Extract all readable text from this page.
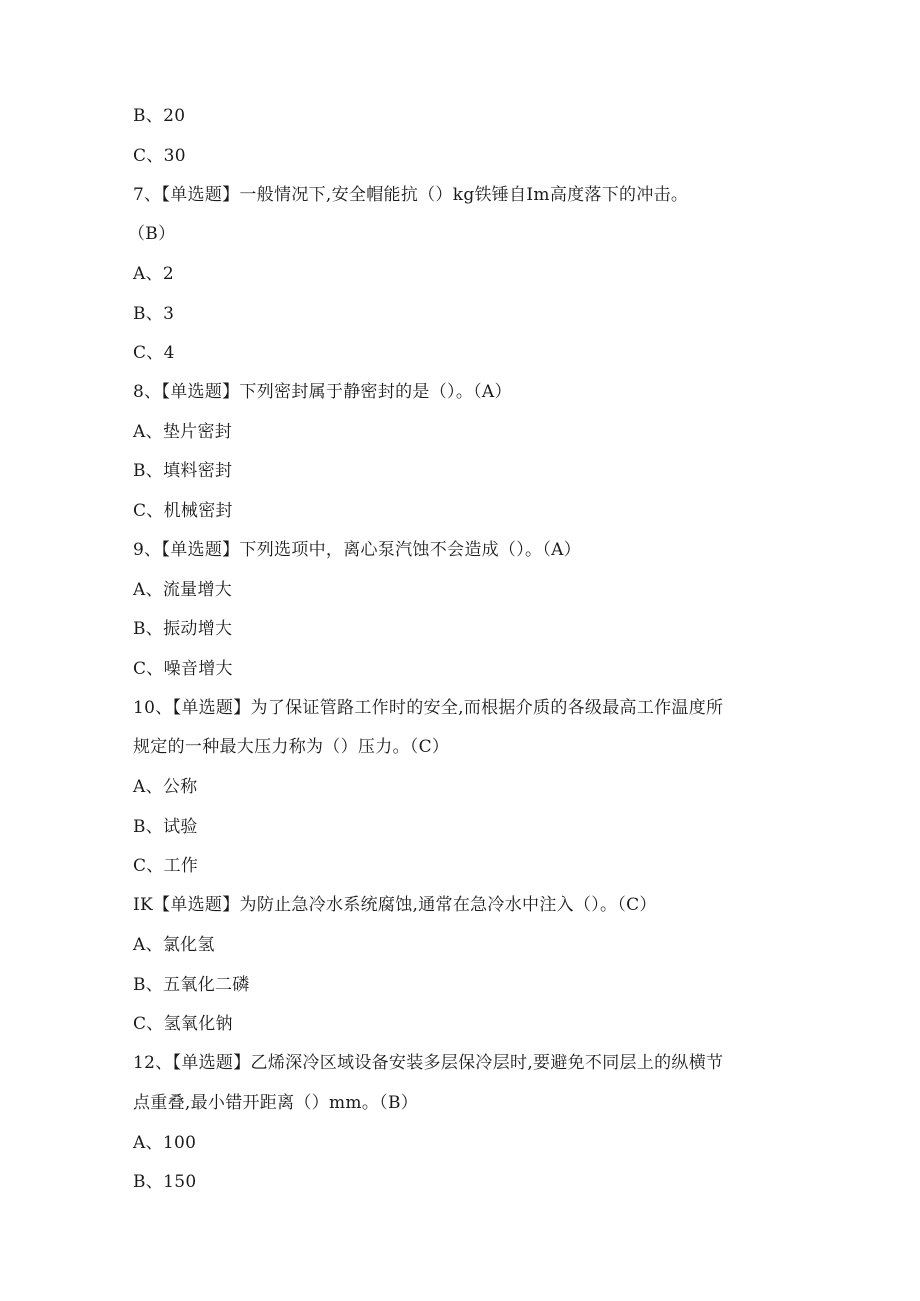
B、20
C、30
7、【单选题】一般情况下,安全帽能抗（）kg铁锤自Im高度落下的冲击。
（B）
A、2
B、3
C、4
8、【单选题】下列密封属于静密封的是（）。（A）
A、垫片密封
B、填料密封
C、机械密封
9、【单选题】下列选项中，离心泵汽蚀不会造成（）。（A）
A、流量增大
B、振动增大
C、噪音增大
10、【单选题】为了保证管路工作时的安全,而根据介质的各级最高工作温度所
规定的一种最大压力称为（）压力。（C）
A、公称
B、试验
C、工作
IK【单选题】为防止急冷水系统腐蚀,通常在急冷水中注入（）。（C）
A、氯化氢
B、五氧化二磷
C、氢氧化钠
12、【单选题】乙烯深冷区域设备安装多层保冷层时,要避免不同层上的纵横节
点重叠,最小错开距离（）mm。（B）
A、100
B、150
